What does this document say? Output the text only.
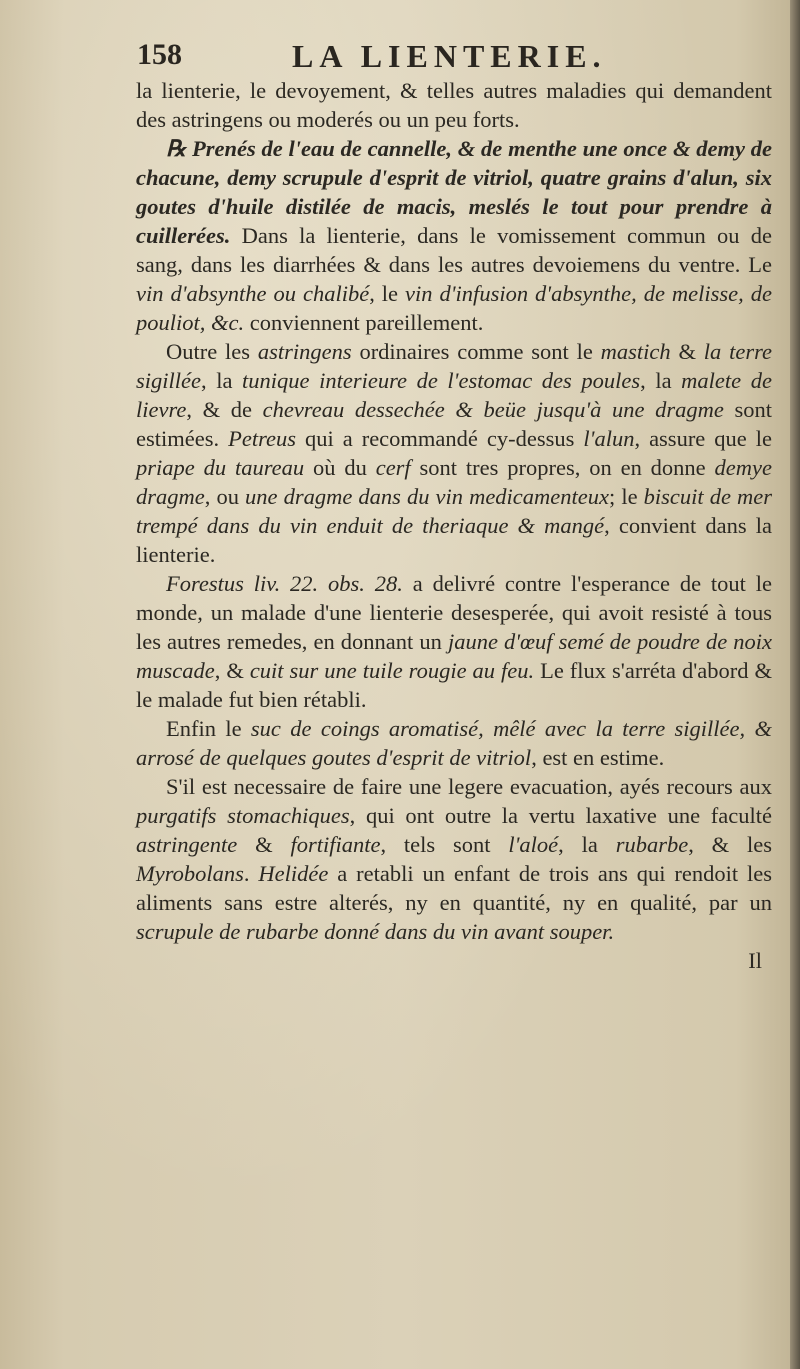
158	LA LIENTERIE.

la lienterie, le devoyement, & telles autres maladies qui demandent des astringens ou moderés ou un peu forts.

℞ Prenés de l'eau de cannelle, & de menthe une once & demy de chacune, demy scrupule d'esprit de vitriol, quatre grains d'alun, six goutes d'huile distilée de macis, meslés le tout pour prendre à cuillerées. Dans la lienterie, dans le vomissement commun ou de sang, dans les diarrhées & dans les autres devoiemens du ventre. Le vin d'absynthe ou chalibé, le vin d'infusion d'absynthe, de melisse, de pouliot, &c. conviennent pareillement.

Outre les astringens ordinaires comme sont le mastich & la terre sigillée, la tunique interieure de l'estomac des poules, la malete de lievre, & de chevreau dessechée & beüe jusqu'à une dragme sont estimées. Petreus qui a recommandé cy-dessus l'alun, assure que le priape du taureau où du cerf sont tres propres, on en donne demye dragme, ou une dragme dans du vin medicamenteux; le biscuit de mer trempé dans du vin enduit de theriaque & mangé, convient dans la lienterie.

Forestus liv. 22. obs. 28. a delivré contre l'esperance de tout le monde, un malade d'une lienterie desesperée, qui avoit resisté à tous les autres remedes, en donnant un jaune d'œuf semé de poudre de noix muscade, & cuit sur une tuile rougie au feu. Le flux s'arréta d'abord & le malade fut bien rétabli.

Enfin le suc de coings aromatisé, mêlé avec la terre sigillée, & arrosé de quelques goutes d'esprit de vitriol, est en estime.

S'il est necessaire de faire une legere evacuation, ayés recours aux purgatifs stomachiques, qui ont outre la vertu laxative une faculté astringente & fortifiante, tels sont l'aloé, la rubarbe, & les Myrobolans. Helidée a retabli un enfant de trois ans qui rendoit les aliments sans estre alterés, ny en quantité, ny en qualité, par un scrupule de rubarbe donné dans du vin avant souper.

Il
